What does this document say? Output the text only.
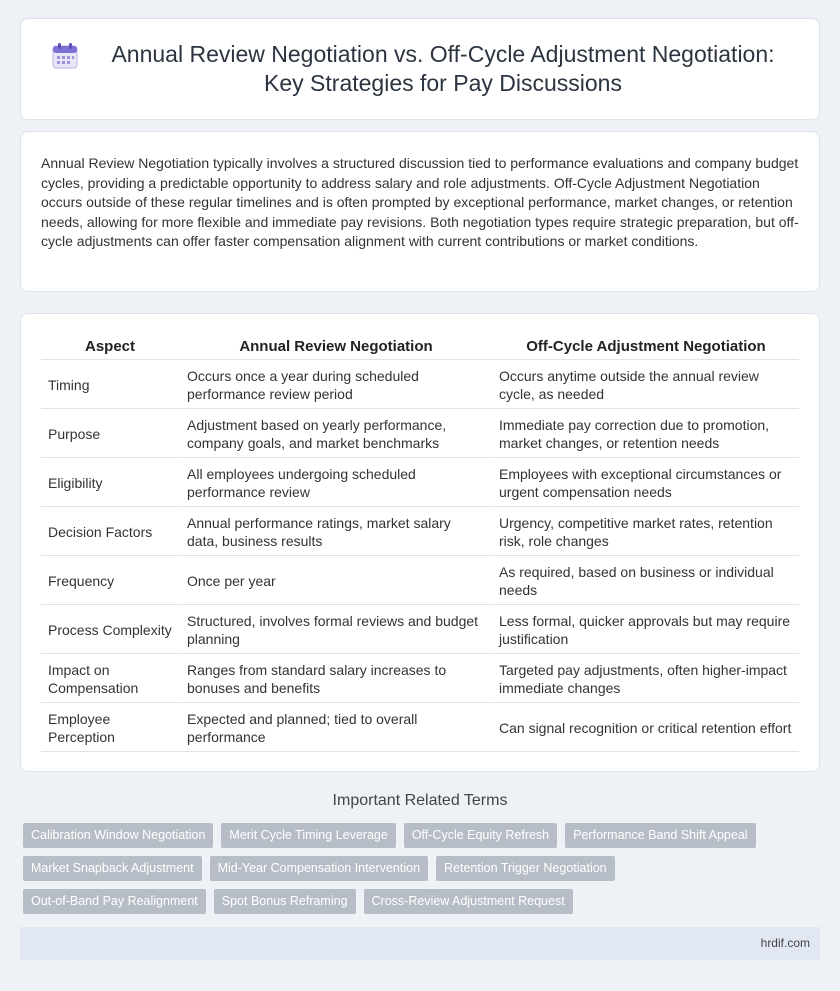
Annual Review Negotiation vs. Off-Cycle Adjustment Negotiation: Key Strategies for Pay Discussions

Annual Review Negotiation typically involves a structured discussion tied to performance evaluations and company budget cycles, providing a predictable opportunity to address salary and role adjustments. Off-Cycle Adjustment Negotiation occurs outside of these regular timelines and is often prompted by exceptional performance, market changes, or retention needs, allowing for more flexible and immediate pay revisions. Both negotiation types require strategic preparation, but off-cycle adjustments can offer faster compensation alignment with current contributions or market conditions.

Aspect	Annual Review Negotiation	Off-Cycle Adjustment Negotiation
Timing	Occurs once a year during scheduled performance review period	Occurs anytime outside the annual review cycle, as needed
Purpose	Adjustment based on yearly performance, company goals, and market benchmarks	Immediate pay correction due to promotion, market changes, or retention needs
Eligibility	All employees undergoing scheduled performance review	Employees with exceptional circumstances or urgent compensation needs
Decision Factors	Annual performance ratings, market salary data, business results	Urgency, competitive market rates, retention risk, role changes
Frequency	Once per year	As required, based on business or individual needs
Process Complexity	Structured, involves formal reviews and budget planning	Less formal, quicker approvals but may require justification
Impact on Compensation	Ranges from standard salary increases to bonuses and benefits	Targeted pay adjustments, often higher-impact immediate changes
Employee Perception	Expected and planned; tied to overall performance	Can signal recognition or critical retention effort
Important Related Terms
Calibration Window Negotiation	Merit Cycle Timing Leverage	Off-Cycle Equity Refresh	Performance Band Shift Appeal
Market Snapback Adjustment	Mid-Year Compensation Intervention	Retention Trigger Negotiation
Out-of-Band Pay Realignment	Spot Bonus Reframing	Cross-Review Adjustment Request
hrdif.com
